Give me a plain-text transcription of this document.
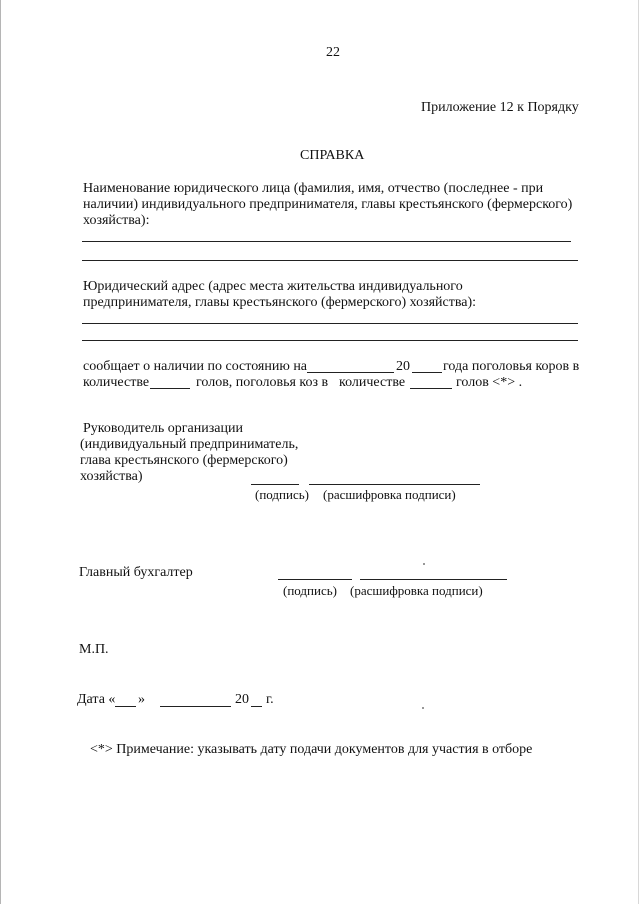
22
Приложение 12 к Порядку
СПРАВКА
Наименование юридического лица (фамилия, имя, отчество (последнее - при
наличии) индивидуального предпринимателя, главы крестьянского (фермерского)
хозяйства):
Юридический адрес (адрес места жительства индивидуального
предпринимателя, главы крестьянского (фермерского) хозяйства):
сообщает о наличии по состоянию на	20 года поголовья коров в
количестве	голов, поголовья коз в количестве	голов <*> .
Руководитель организации
(индивидуальный предприниматель,
глава крестьянского (фермерского)
хозяйства)
(подпись) (расшифровка подписи)
Главный бухгалтер
(подпись) (расшифровка подписи)
М.П.
Дата « »	20 г.
<*> Примечание: указывать дату подачи документов для участия в отборе
